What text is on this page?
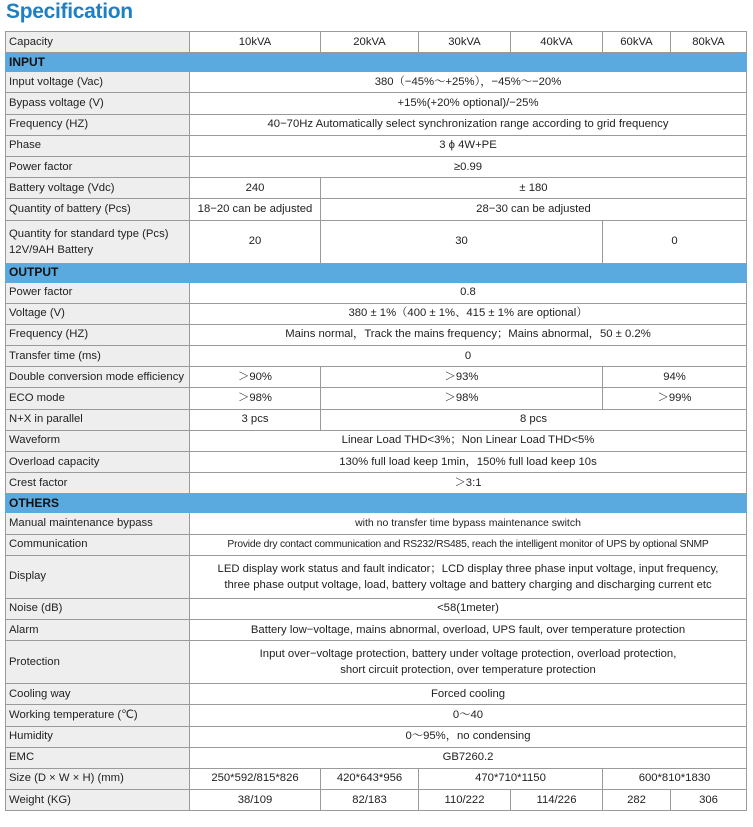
Specification
Capacity	10kVA	20kVA	30kVA	40kVA	60kVA	80kVA
INPUT						
Input voltage (Vac)	380（−45%～+25%），−45%～−20%					
Bypass voltage (V)	+15%(+20% optional)/−25%					
Frequency (HZ)	40−70Hz Automatically select synchronization range according to grid frequency					
Phase	3 ϕ 4W+PE					
Power factor	≥0.99					
Battery voltage (Vdc)	240	± 180				
Quantity of battery (Pcs)	18−20 can be adjusted	28−30 can be adjusted				

Quantity for standard type (Pcs)
12V/9AH Battery	20	30			0	
OUTPUT						
Power factor	0.8					
Voltage (V)	380 ± 1%（400 ± 1%、415 ± 1% are optional）					
Frequency (HZ)	Mains normal，Track the mains frequency；Mains abnormal，50 ± 0.2%					
Transfer time (ms)	0					
Double conversion mode efficiency	＞90%	＞93%			94%	
ECO mode	＞98%	＞98%			＞99%	
N+X in parallel	3 pcs	8 pcs				
Waveform	Linear Load THD<3%；Non Linear Load THD<5%					
Overload capacity	130% full load keep 1min，150% full load keep 10s					
Crest factor	＞3:1					
OTHERS						
Manual maintenance bypass	with no transfer time bypass maintenance switch					
Communication	Provide dry contact communication and RS232/RS485, reach the intelligent monitor of UPS by optional SNMP					
Display	LED display work status and fault indicator；LCD display three phase input voltage, input frequency,
three phase output voltage, load, battery voltage and battery charging and discharging current etc					

Noise (dB)	<58(1meter)					
Alarm	Battery low−voltage, mains abnormal, overload, UPS fault, over temperature protection					
Protection	Input over−voltage protection, battery under voltage protection, overload protection,
short circuit protection, over temperature protection					

Cooling way	Forced cooling					
Working temperature (℃)	0～40					
Humidity	0～95%，no condensing					
EMC	GB7260.2					
Size (D × W × H) (mm)	250*592/815*826	420*643*956	470*710*1150		600*810*1830	
Weight (KG)	38/109	82/183	110/222	114/226	282	306
